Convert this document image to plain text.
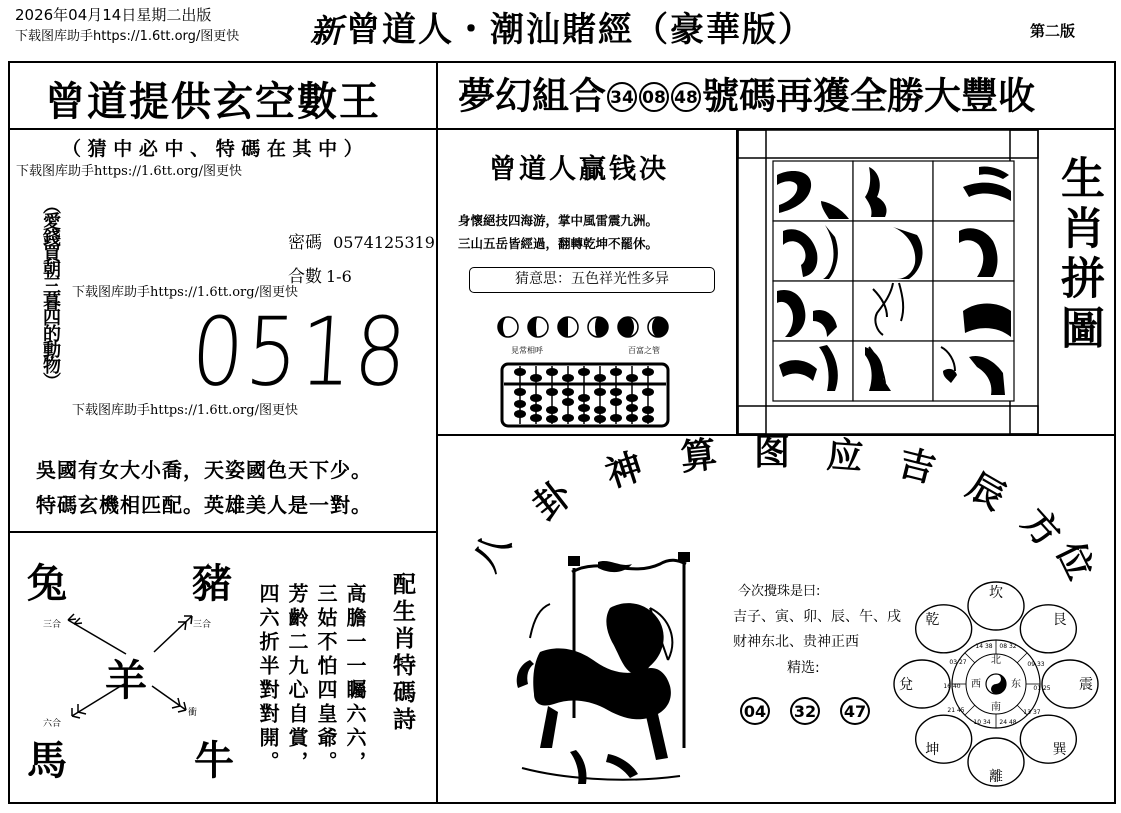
2026年04月14日星期二出版
下载图库助手https://1.6tt.org/图更快 新 曾道人・潮汕賭經（豪華版）	第二版
曾道提供玄空數王 夢幻組合 34 08 48 號碼再獲全勝大豐收
（ 猜 中 必 中 、 特 碼 在 其 中 ）
下载图库助手https://1.6tt.org/图更快
（愛錢買朝三暮四的動物）	密碼 0574125319
合數 1-6
下载图库助手https://1.6tt.org/图更快
0518
下载图库助手https://1.6tt.org/图更快
吳國有女大小喬，天姿國色天下少。
特碼玄機相匹配。英雄美人是一對。
曾道人贏钱决
身懷絕技四海游，掌中風雷震九洲。
三山五岳皆經過，翻轉乾坤不罷休。
猜意思：五色祥光性多异
見常相呼	百富之管	生肖拼圖
兔	豬
羊
馬	牛
三合	三合
六合
衝	配生肖特碼詩
高膽一一矚六六，
三姑不怕四皇爺。
芳齡二九心自賞，
四六折半對對開。
八
卦
神 算 图 应 吉 辰
方
位
今次攪珠是曰:
吉子、寅、卯、辰、午、戌
财神东北、贵神正西
精选:
04 32 47
坎
艮
震
巽
離
坤
兌
乾
北
东
南
西
14 38 08 32
09 33
01 25
13 37
24 48
10 34
21 45
16 40
03 27
